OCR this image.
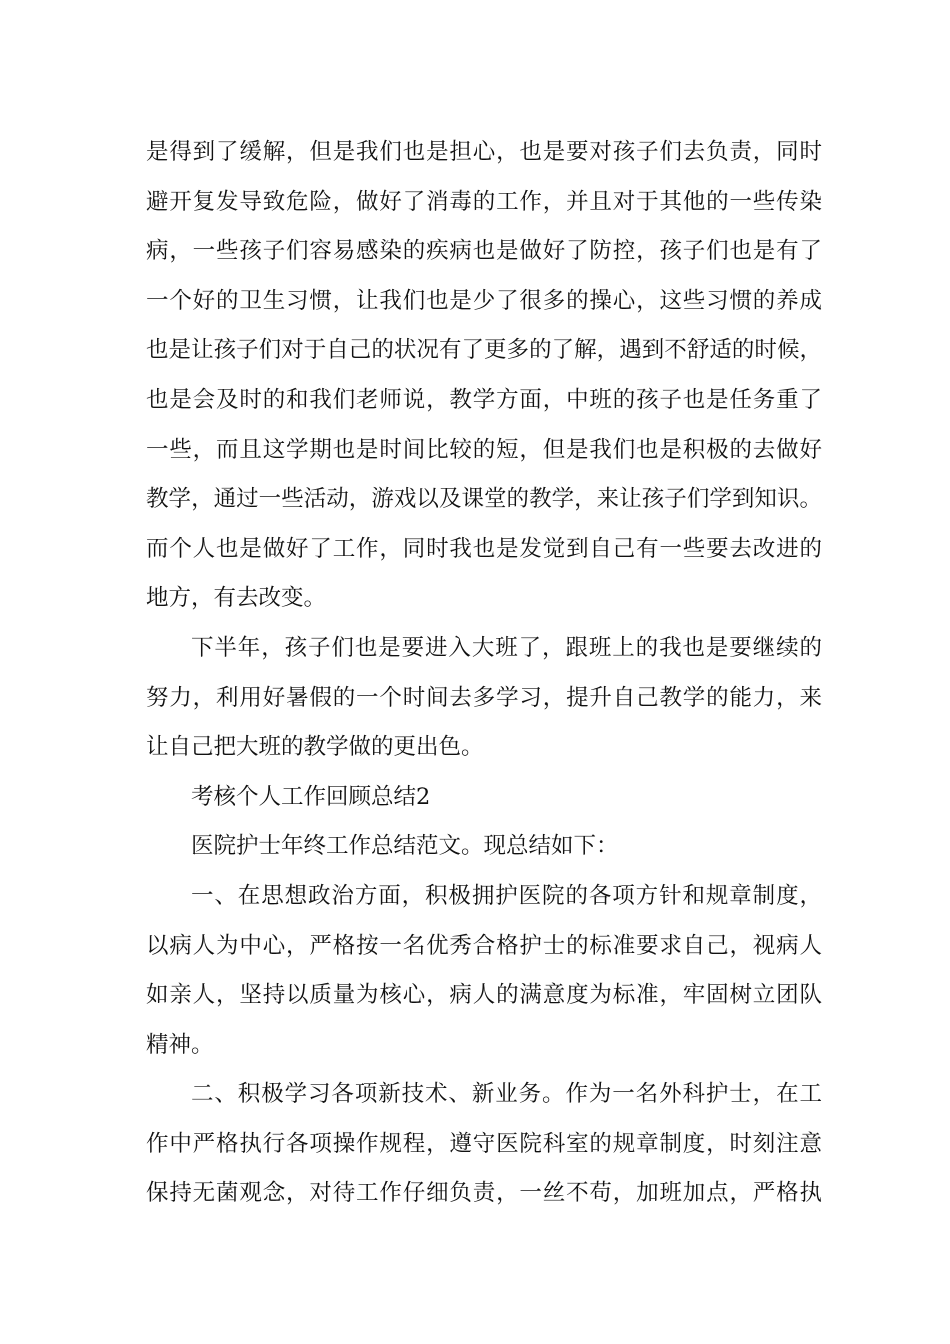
是得到了缓解，但是我们也是担心，也是要对孩子们去负责，同时
避开复发导致危险，做好了消毒的工作，并且对于其他的一些传染
病，一些孩子们容易感染的疾病也是做好了防控，孩子们也是有了
一个好的卫生习惯，让我们也是少了很多的操心，这些习惯的养成
也是让孩子们对于自己的状况有了更多的了解，遇到不舒适的时候，
也是会及时的和我们老师说，教学方面，中班的孩子也是任务重了
一些，而且这学期也是时间比较的短，但是我们也是积极的去做好
教学，通过一些活动，游戏以及课堂的教学，来让孩子们学到知识。
而个人也是做好了工作，同时我也是发觉到自己有一些要去改进的
地方，有去改变。
下半年，孩子们也是要进入大班了，跟班上的我也是要继续的
努力，利用好暑假的一个时间去多学习，提升自己教学的能力，来
让自己把大班的教学做的更出色。
考核个人工作回顾总结2
医院护士年终工作总结范文。现总结如下：
一、在思想政治方面，积极拥护医院的各项方针和规章制度，
以病人为中心，严格按一名优秀合格护士的标准要求自己，视病人
如亲人，坚持以质量为核心，病人的满意度为标准，牢固树立团队
精神。
二、积极学习各项新技术、新业务。作为一名外科护士，在工
作中严格执行各项操作规程，遵守医院科室的规章制度，时刻注意
保持无菌观念，对待工作仔细负责，一丝不苟，加班加点，严格执
